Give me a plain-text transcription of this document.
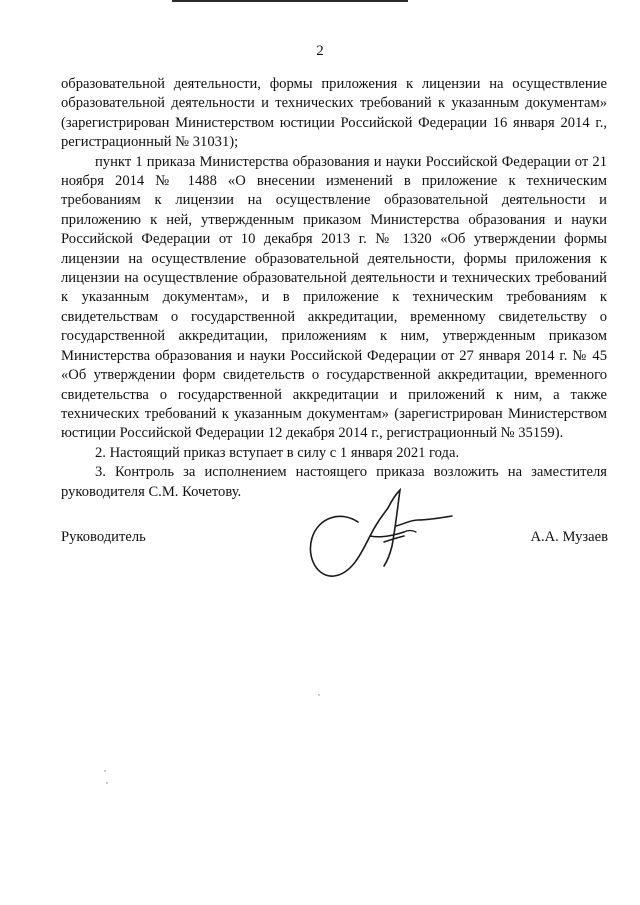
2

образовательной деятельности, формы приложения к лицензии на осуществление образовательной деятельности и технических требований к указанным документам» (зарегистрирован Министерством юстиции Российской Федерации 16 января 2014 г., регистрационный № 31031);

пункт 1 приказа Министерства образования и науки Российской Федерации от 21 ноября 2014 № 1488 «О внесении изменений в приложение к техническим требованиям к лицензии на осуществление образовательной деятельности и приложению к ней, утвержденным приказом Министерства образования и науки Российской Федерации от 10 декабря 2013 г. № 1320 «Об утверждении формы лицензии на осуществление образовательной деятельности, формы приложения к лицензии на осуществление образовательной деятельности и технических требований к указанным документам», и в приложение к техническим требованиям к свидетельствам о государственной аккредитации, временному свидетельству о государственной аккредитации, приложениям к ним, утвержденным приказом Министерства образования и науки Российской Федерации от 27 января 2014 г. № 45 «Об утверждении форм свидетельств о государственной аккредитации, временного свидетельства о государственной аккредитации и приложений к ним, а также технических требований к указанным документам» (зарегистрирован Министерством юстиции Российской Федерации 12 декабря 2014 г., регистрационный № 35159).

2. Настоящий приказ вступает в силу с 1 января 2021 года.

3. Контроль за исполнением настоящего приказа возложить на заместителя руководителя С.М. Кочетову.

Руководитель	А.А. Музаев
